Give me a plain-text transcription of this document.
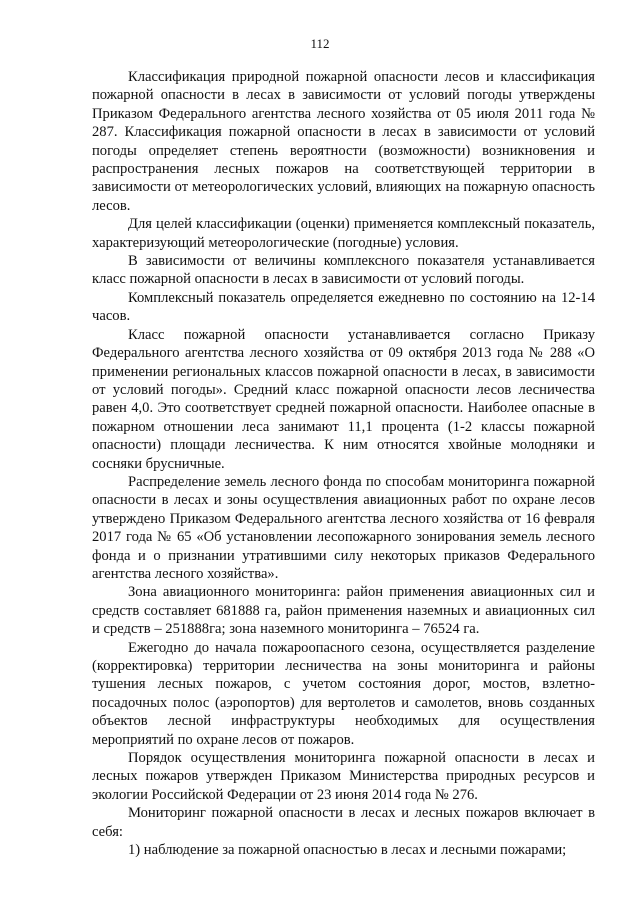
112

Классификация природной пожарной опасности лесов и классификация пожарной опасности в лесах в зависимости от условий погоды утверждены Приказом Федерального агентства лесного хозяйства от 05 июля 2011 года № 287. Классификация пожарной опасности в лесах в зависимости от условий погоды определяет степень вероятности (возможности) возникновения и распространения лесных пожаров на соответствующей территории в зависимости от метеорологических условий, влияющих на пожарную опасность лесов.

Для целей классификации (оценки) применяется комплексный показатель, характеризующий метеорологические (погодные) условия.

В зависимости от величины комплексного показателя устанавливается класс пожарной опасности в лесах в зависимости от условий погоды.

Комплексный показатель определяется ежедневно по состоянию на 12-14 часов.

Класс пожарной опасности устанавливается согласно Приказу Федерального агентства лесного хозяйства от 09 октября 2013 года № 288 «О применении региональных классов пожарной опасности в лесах, в зависимости от условий погоды». Средний класс пожарной опасности лесов лесничества равен 4,0. Это соответствует средней пожарной опасности. Наиболее опасные в пожарном отношении леса занимают 11,1 процента (1-2 классы пожарной опасности) площади лесничества. К ним относятся хвойные молодняки и сосняки брусничные.

Распределение земель лесного фонда по способам мониторинга пожарной опасности в лесах и зоны осуществления авиационных работ по охране лесов утверждено Приказом Федерального агентства лесного хозяйства от 16 февраля 2017 года № 65 «Об установлении лесопожарного зонирования земель лесного фонда и о признании утратившими силу некоторых приказов Федерального агентства лесного хозяйства».

Зона авиационного мониторинга: район применения авиационных сил и средств составляет 681888 га, район применения наземных и авиационных сил и средств – 251888га; зона наземного мониторинга – 76524 га.

Ежегодно до начала пожароопасного сезона, осуществляется разделение (корректировка) территории лесничества на зоны мониторинга и районы тушения лесных пожаров, с учетом состояния дорог, мостов, взлетно-посадочных полос (аэропортов) для вертолетов и самолетов, вновь созданных объектов лесной инфраструктуры необходимых для осуществления мероприятий по охране лесов от пожаров.

Порядок осуществления мониторинга пожарной опасности в лесах и лесных пожаров утвержден Приказом Министерства природных ресурсов и экологии Российской Федерации от 23 июня 2014 года № 276.

Мониторинг пожарной опасности в лесах и лесных пожаров включает в себя:

1) наблюдение за пожарной опасностью в лесах и лесными пожарами;
